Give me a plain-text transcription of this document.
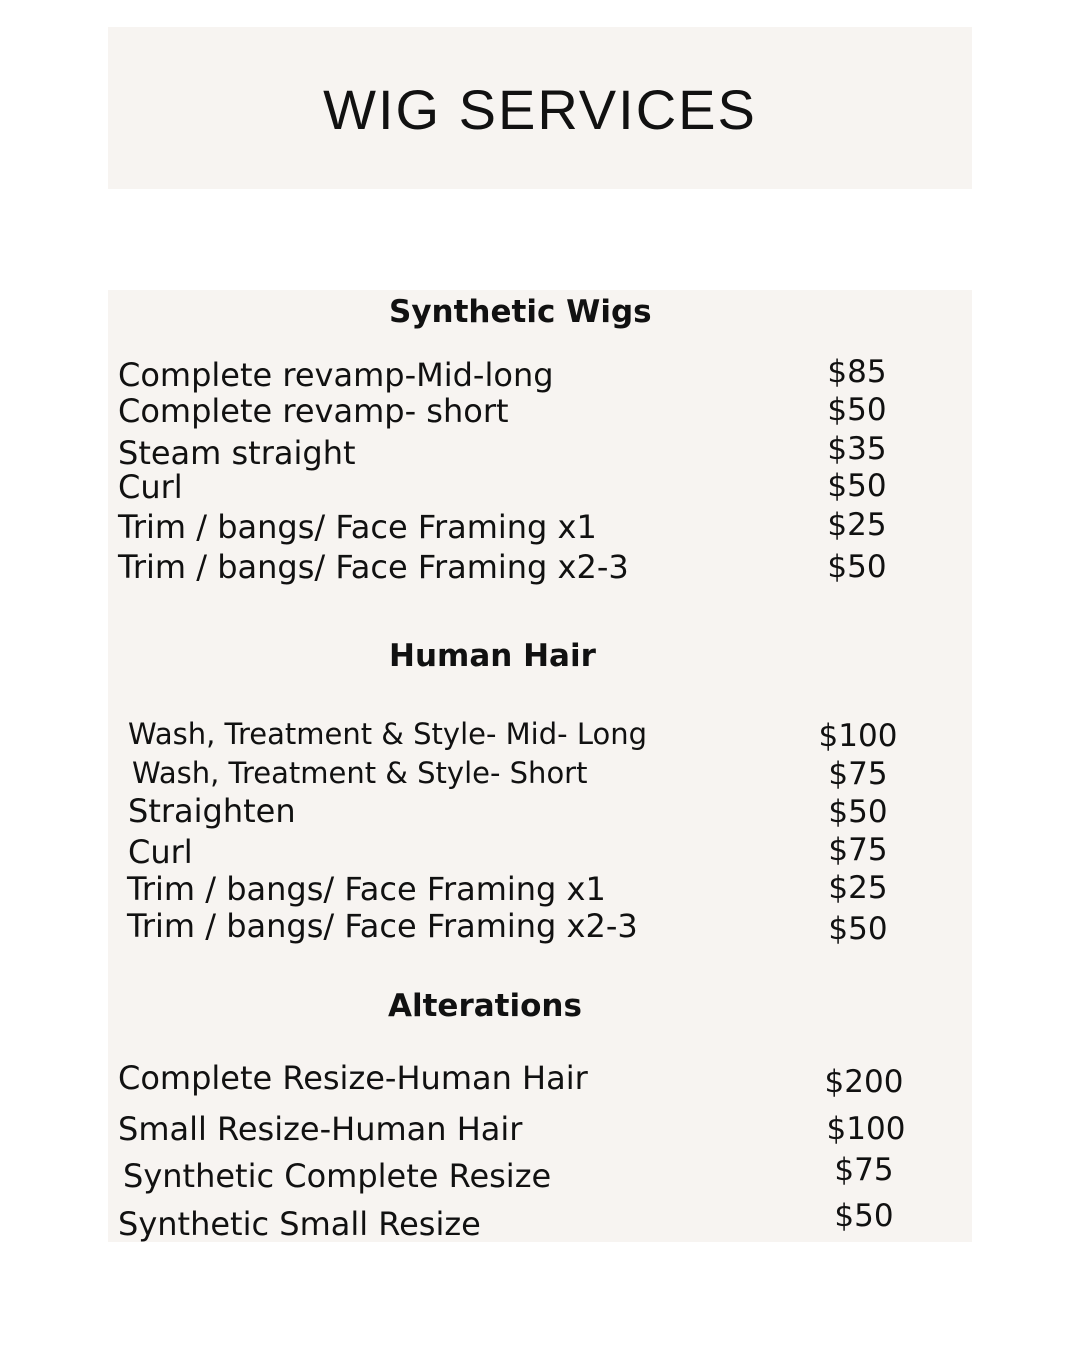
WIG SERVICES
Synthetic Wigs
Complete revamp-Mid-long	$85
Complete revamp- short	$50
Steam straight	$35
Curl	$50
Trim / bangs/ Face Framing x1	$25
Trim / bangs/ Face Framing x2-3	$50
Human Hair
Wash, Treatment & Style- Mid- Long	$100
Wash, Treatment & Style- Short	$75
Straighten	$50
Curl	$75
Trim / bangs/ Face Framing x1	$25
Trim / bangs/ Face Framing x2-3	$50
Alterations
Complete Resize-Human Hair	$200
Small Resize-Human Hair	$100
Synthetic Complete Resize	$75
Synthetic Small Resize	$50
